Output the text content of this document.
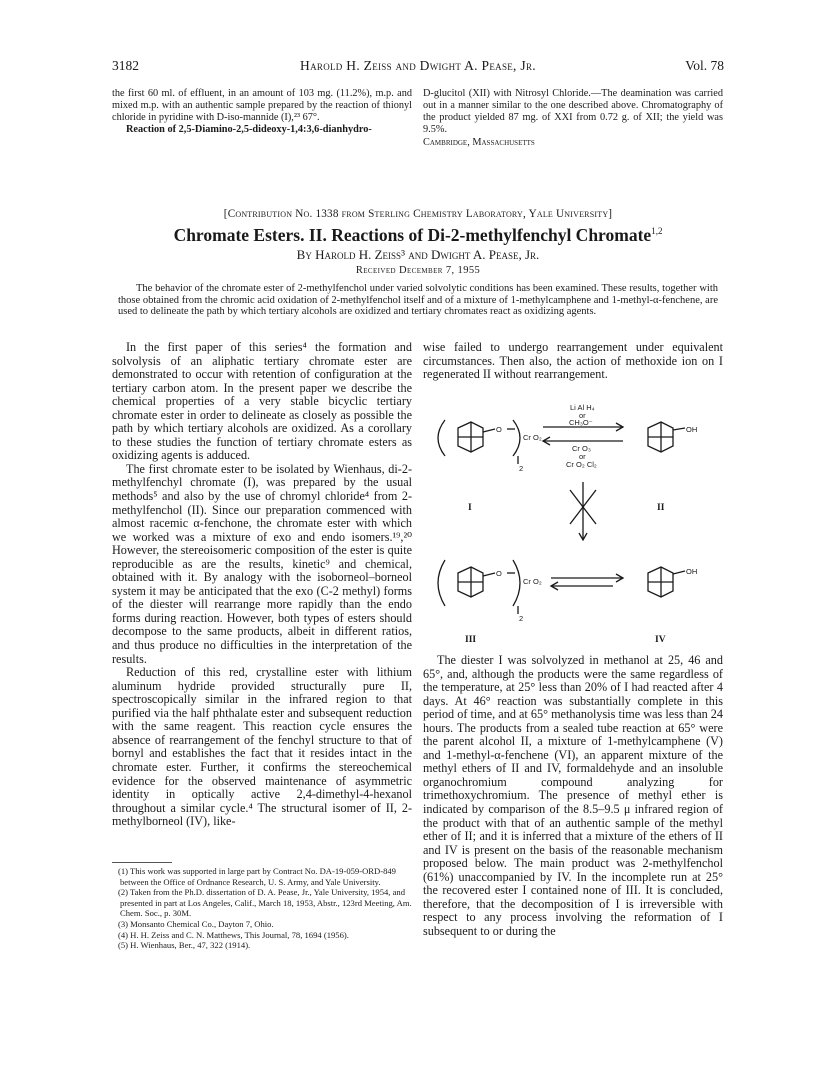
3182	Harold H. Zeiss and Dwight A. Pease, Jr.	Vol. 78

the first 60 ml. of effluent, in an amount of 103 mg. (11.2%), m.p. and mixed m.p. with an authentic sample prepared by the reaction of thionyl chloride in pyridine with D-iso-mannide (I),²³ 67°.

Reaction of 2,5-Diamino-2,5-dideoxy-1,4:3,6-dianhydro-

D-glucitol (XII) with Nitrosyl Chloride.—The deamination was carried out in a manner similar to the one described above. Chromatography of the product yielded 87 mg. of XXI from 0.72 g. of XII; the yield was 9.5%.

Cambridge, Massachusetts

[Contribution No. 1338 from Sterling Chemistry Laboratory, Yale University]
Chromate Esters. II. Reactions of Di-2-methylfenchyl Chromate$^{1,2}$
By Harold H. Zeiss³ and Dwight A. Pease, Jr.
Received December 7, 1955
The behavior of the chromate ester of 2-methylfenchol under varied solvolytic conditions has been examined. These results, together with those obtained from the chromic acid oxidation of 2-methylfenchol itself and of a mixture of 1-methylcamphene and 1-methyl-α-fenchene, are used to delineate the path by which tertiary alcohols are oxidized and tertiary chromates react as oxidizing agents.

In the first paper of this series⁴ the formation and solvolysis of an aliphatic tertiary chromate ester are demonstrated to occur with retention of configuration at the tertiary carbon atom. In the present paper we describe the chemical properties of a very stable bicyclic tertiary chromate ester in order to delineate as closely as possible the path by which tertiary alcohols are oxidized. As a corollary to these studies the function of tertiary chromate esters as oxidizing agents is adduced.

The first chromate ester to be isolated by Wienhaus, di-2-methylfenchyl chromate (I), was prepared by the usual methods⁵ and also by the use of chromyl chloride⁴ from 2-methylfenchol (II). Since our preparation commenced with almost racemic α-fenchone, the chromate ester with which we worked was a mixture of exo and endo isomers.¹⁹,²⁰ However, the stereoisomeric composition of the ester is quite reproducible as are the results, kinetic⁹ and chemical, obtained with it. By analogy with the isoborneol–borneol system it may be anticipated that the exo (C-2 methyl) forms of the diester will rearrange more rapidly than the endo forms during reaction. However, both types of esters should decompose to the same products, albeit in different ratios, and thus produce no difficulties in the interpretation of the results.

Reduction of this red, crystalline ester with lithium aluminum hydride provided structurally pure II, spectroscopically similar in the infrared region to that purified via the half phthalate ester and subsequent reduction with the same reagent. This reaction cycle ensures the absence of rearrangement of the fenchyl structure to that of bornyl and establishes the fact that it resides intact in the chromate ester. Further, it confirms the stereochemical evidence for the observed maintenance of asymmetric identity in optically active 2,4-dimethyl-4-hexanol throughout a similar cycle.⁴ The structural isomer of II, 2-methylborneol (IV), like-

(1) This work was supported in large part by Contract No. DA-19-059-ORD-849 between the Office of Ordnance Research, U. S. Army, and Yale University.

(2) Taken from the Ph.D. dissertation of D. A. Pease, Jr., Yale University, 1954, and presented in part at Los Angeles, Calif., March 18, 1953, Abstr., 123rd Meeting, Am. Chem. Soc., p. 30M.

(3) Monsanto Chemical Co., Dayton 7, Ohio.

(4) H. H. Zeiss and C. N. Matthews, This Journal, 78, 1694 (1956).

(5) H. Wienhaus, Ber., 47, 322 (1914).

wise failed to undergo rearrangement under equivalent circumstances. Then also, the action of methoxide ion on I regenerated II without rearrangement.

Li Al H₄
or
CH₃O⁻
Cr O₃
or
Cr O₂ Cl₂
Cr O₂
O
2
OH
Cr O₂
O
2
OH
I	II
III	IV

The diester I was solvolyzed in methanol at 25, 46 and 65°, and, although the products were the same regardless of the temperature, at 25° less than 20% of I had reacted after 4 days. At 46° reaction was substantially complete in this period of time, and at 65° methanolysis time was less than 24 hours. The products from a sealed tube reaction at 65° were the parent alcohol II, a mixture of 1-methylcamphene (V) and 1-methyl-α-fenchene (VI), an apparent mixture of the methyl ethers of II and IV, formaldehyde and an insoluble organochromium compound analyzing for trimethoxychromium. The presence of methyl ether is indicated by comparison of the 8.5–9.5 μ infrared region of the product with that of an authentic sample of the methyl ether of II; and it is inferred that a mixture of the ethers of II and IV is present on the basis of the reasonable mechanism proposed below. The main product was 2-methylfenchol (61%) unaccompanied by IV. In the incomplete run at 25° the recovered ester I contained none of III. It is concluded, therefore, that the decomposition of I is irreversible with respect to any process involving the reformation of I subsequent to or during the
